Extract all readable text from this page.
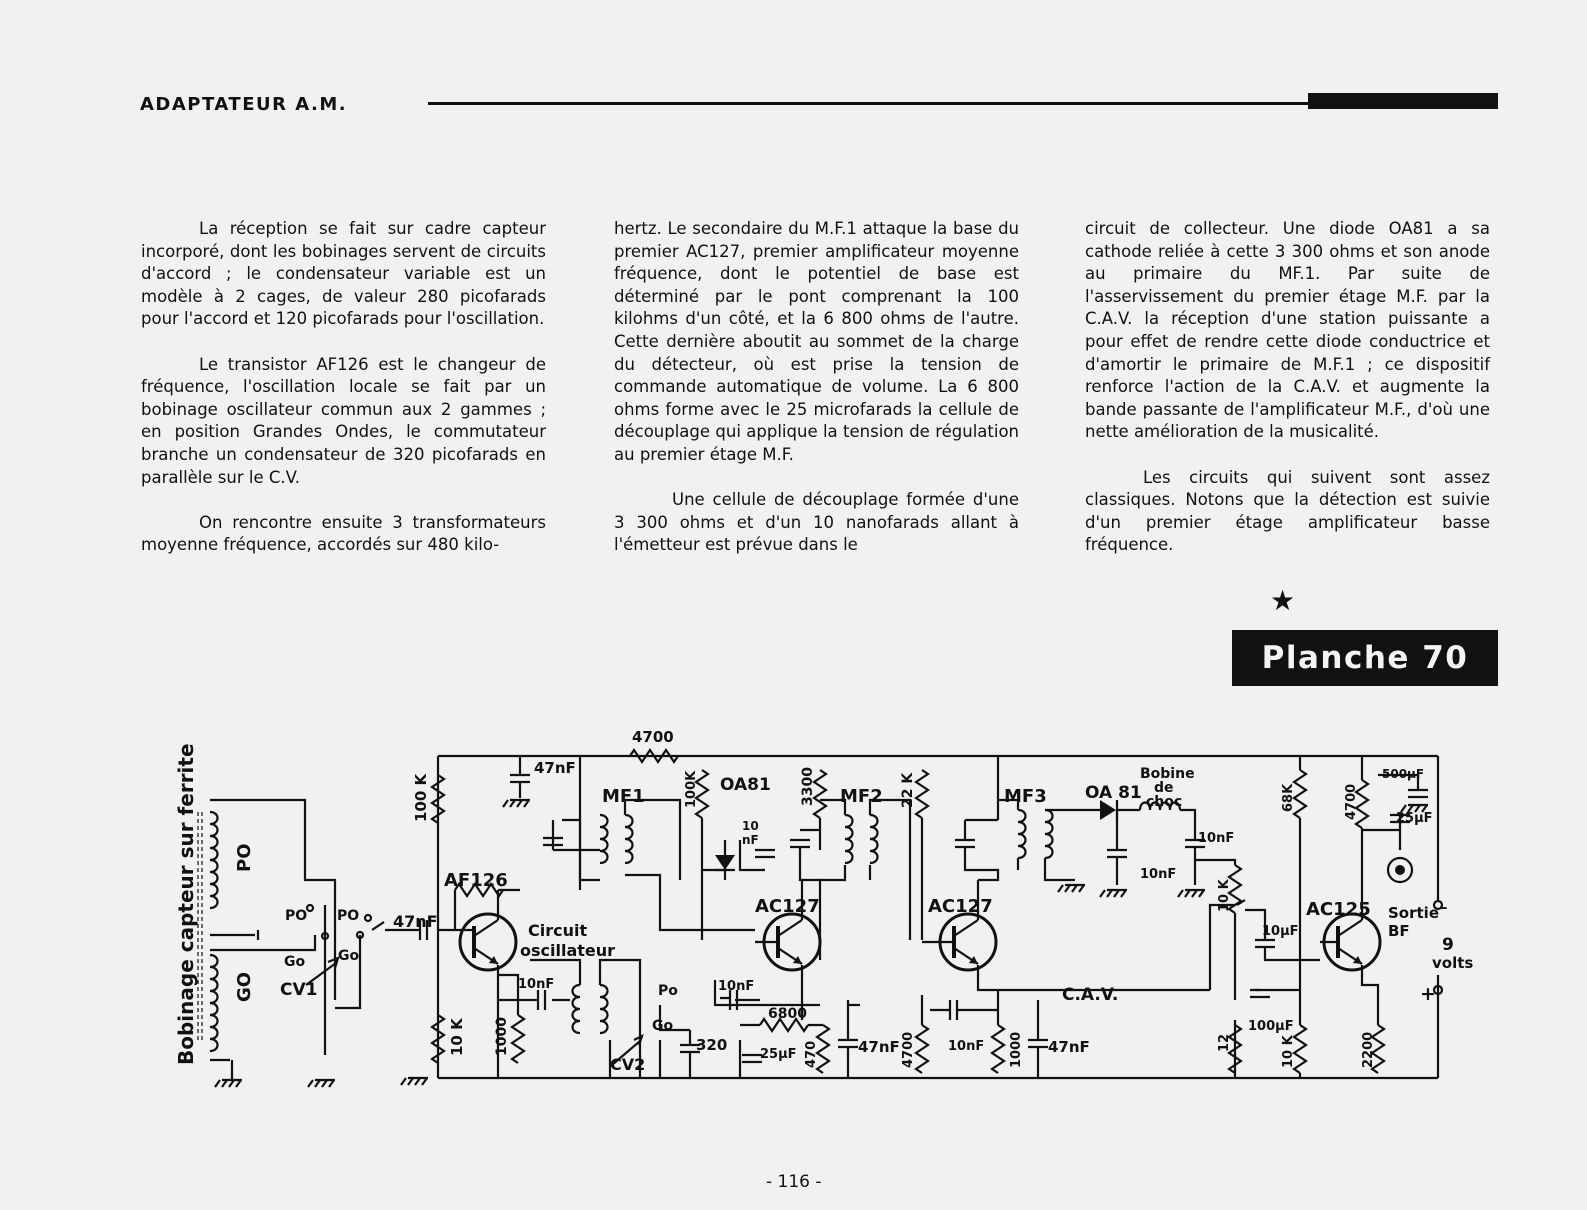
ADAPTATEUR A.M.

La réception se fait sur cadre capteur incorporé, dont les bobinages servent de circuits d'accord ; le condensateur variable est un modèle à 2 cages, de valeur 280 picofarads pour l'accord et 120 picofarads pour l'oscillation.

Le transistor AF126 est le changeur de fréquence, l'oscillation locale se fait par un bobinage oscillateur commun aux 2 gammes ; en position Grandes Ondes, le commutateur branche un condensateur de 320 picofarads en parallèle sur le C.V.

On rencontre ensuite 3 transformateurs moyenne fréquence, accordés sur 480 kilo-

hertz. Le secondaire du M.F.1 attaque la base du premier AC127, premier amplificateur moyenne fréquence, dont le potentiel de base est déterminé par le pont comprenant la 100 kilohms d'un côté, et la 6 800 ohms de l'autre. Cette dernière aboutit au sommet de la charge du détecteur, où est prise la tension de commande automatique de volume. La 6 800 ohms forme avec le 25 microfarads la cellule de découplage qui applique la tension de régulation au premier étage M.F.

Une cellule de découplage formée d'une 3 300 ohms et d'un 10 nanofarads allant à l'émetteur est prévue dans le

circuit de collecteur. Une diode OA81 a sa cathode reliée à cette 3 300 ohms et son anode au primaire du MF.1. Par suite de l'asservissement du premier étage M.F. par la C.A.V. la réception d'une station puissante a pour effet de rendre cette diode conductrice et d'amortir le primaire de M.F.1 ; ce dispositif renforce l'action de la C.A.V. et augmente la bande passante de l'amplificateur M.F., d'où une nette amélioration de la musicalité.

Les circuits qui suivent sont assez classiques. Notons que la détection est suivie d'un premier étage amplificateur basse fréquence.

★
Planche 70
Bobinage capteur sur ferrite PO
GO
PO
Go
PO
Go
CV1
47nF
100 K
10 K
AF126
1000
Circuit
oscillateur
10nF
CV2
Po
Go
320
4700
47nF
MF1	100K OA81
10
nF
3300 MF2 22 K
AC127	AC127
10nF
6800
25µF 470	47nF 4700 10nF 1000 47nF
MF3 OA 81
Bobine
de
choc
10nF
10nF
C.A.V.
10 K
68K
10µF
100µF
12	10 K
AC125
4700
500µF
25µF
Sortie
BF
–
9
volts
+
2200
- 116 -
